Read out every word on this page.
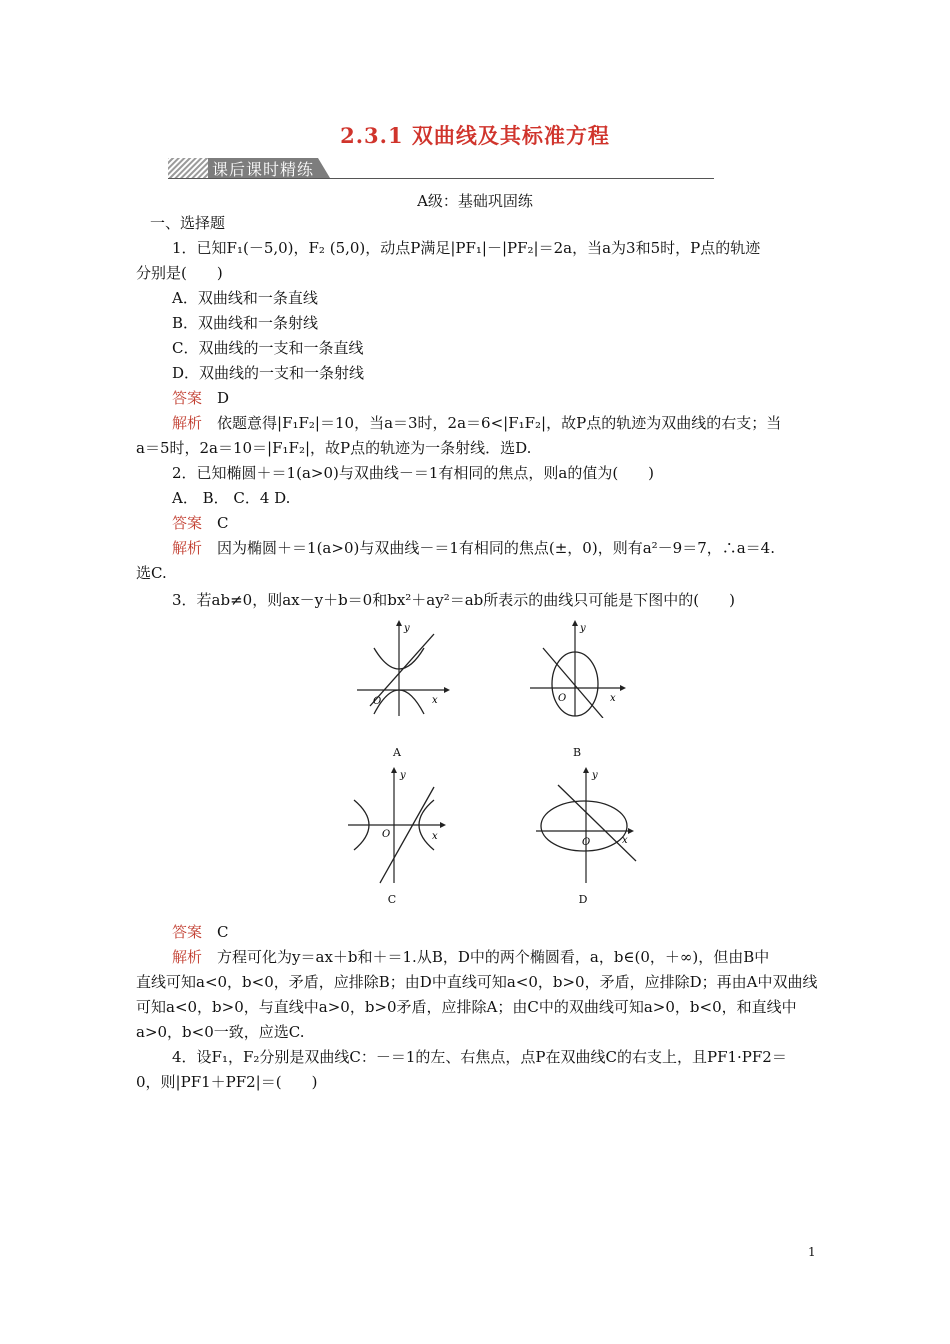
2.3.1 双曲线及其标准方程
课后课时精练
A级：基础巩固练
一、选择题
1．已知F₁(－5,0)，F₂ (5,0)，动点P满足|PF₁|－|PF₂|＝2a，当a为3和5时，P点的轨迹
分别是(　　)
A．双曲线和一条直线
B．双曲线和一条射线
C．双曲线的一支和一条直线
D．双曲线的一支和一条射线
答案　 D
解析　 依题意得|F₁F₂|＝10，当a＝3时，2a＝6<|F₁F₂|，故P点的轨迹为双曲线的右支；当
a＝5时，2a＝10＝|F₁F₂|，故P点的轨迹为一条射线．选D.
2．已知椭圆＋＝1(a>0)与双曲线－＝1有相同的焦点，则a的值为(　　)
A． B． C．4 D.
答案　 C
解析　 因为椭圆＋＝1(a>0)与双曲线－＝1有相同的焦点(±，0)，则有a²－9＝7，∴a＝4.
选C.
3．若ab≠0，则ax－y＋b＝0和bx²＋ay²＝ab所表示的曲线只可能是下图中的(　　)
y
x
O
A
y
x
O
B
y
x
O
C
y
x
O
D
答案　 C
解析　 方程可化为y＝ax＋b和＋＝1.从B，D中的两个椭圆看，a，b∈(0，＋∞)，但由B中
直线可知a<0，b<0，矛盾，应排除B；由D中直线可知a<0，b>0，矛盾，应排除D；再由A中双曲线
可知a<0，b>0，与直线中a>0，b>0矛盾，应排除A；由C中的双曲线可知a>0，b<0，和直线中
a>0，b<0一致，应选C.
4．设F₁，F₂分别是双曲线C：－＝1的左、右焦点，点P在双曲线C的右支上，且PF1·PF2＝
0，则|PF1＋PF2|＝(　　)
1
